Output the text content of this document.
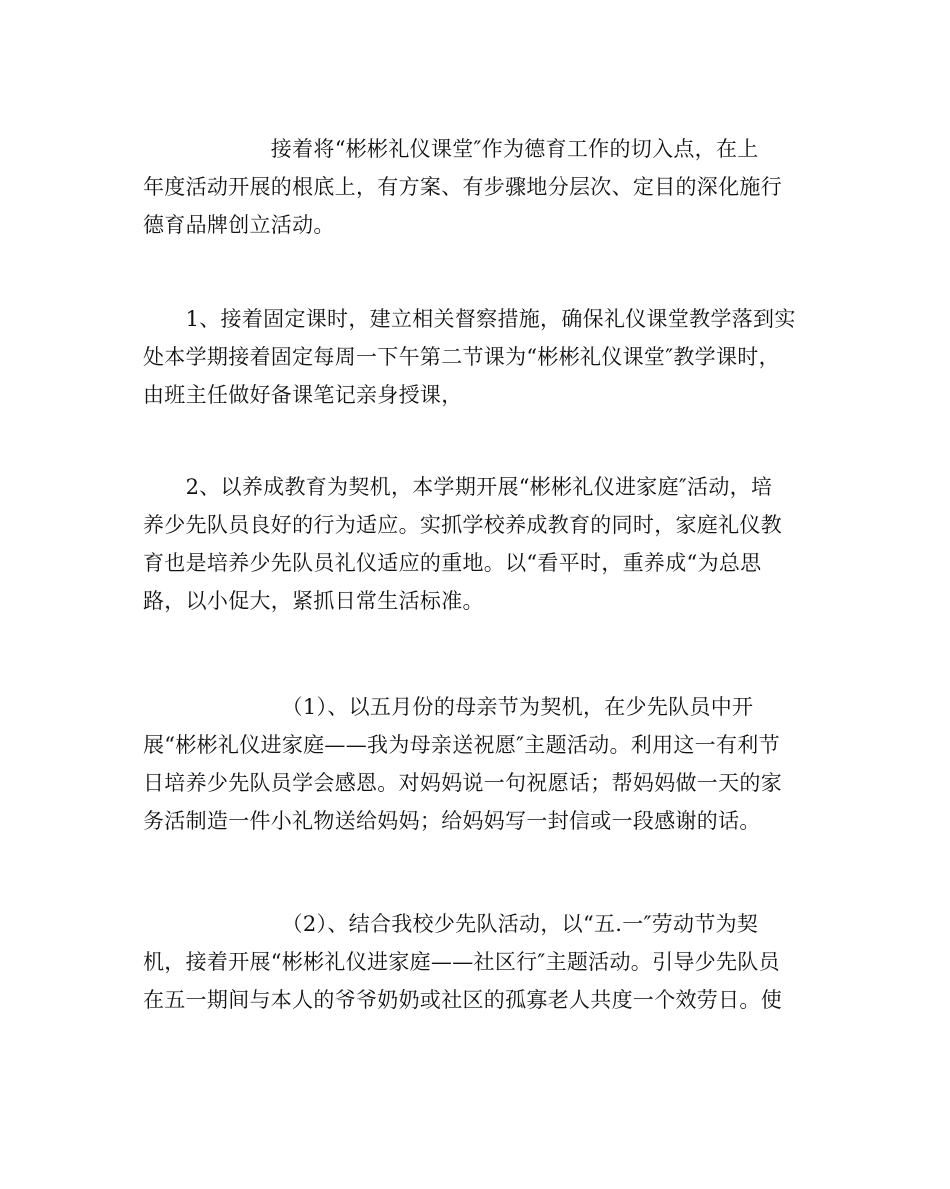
　　　　　　接着将“彬彬礼仪课堂″作为德育工作的切入点，在上
年度活动开展的根底上，有方案、有步骤地分层次、定目的深化施行
德育品牌创立活动。
　　1、接着固定课时，建立相关督察措施，确保礼仪课堂教学落到实
处本学期接着固定每周一下午第二节课为“彬彬礼仪课堂″教学课时，
由班主任做好备课笔记亲身授课，
　　2、以养成教育为契机，本学期开展“彬彬礼仪进家庭″活动，培
养少先队员良好的行为适应。实抓学校养成教育的同时，家庭礼仪教
育也是培养少先队员礼仪适应的重地。以“看平时，重养成“为总思
路，以小促大，紧抓日常生活标准。
　　　　　　　（1）、以五月份的母亲节为契机，在少先队员中开
展“彬彬礼仪进家庭——我为母亲送祝愿″主题活动。利用这一有利节
日培养少先队员学会感恩。对妈妈说一句祝愿话；帮妈妈做一天的家
务活制造一件小礼物送给妈妈；给妈妈写一封信或一段感谢的话。
　　　　　　　（2）、结合我校少先队活动，以“五.一″劳动节为契
机，接着开展“彬彬礼仪进家庭——社区行″主题活动。引导少先队员
在五一期间与本人的爷爷奶奶或社区的孤寡老人共度一个效劳日。使
